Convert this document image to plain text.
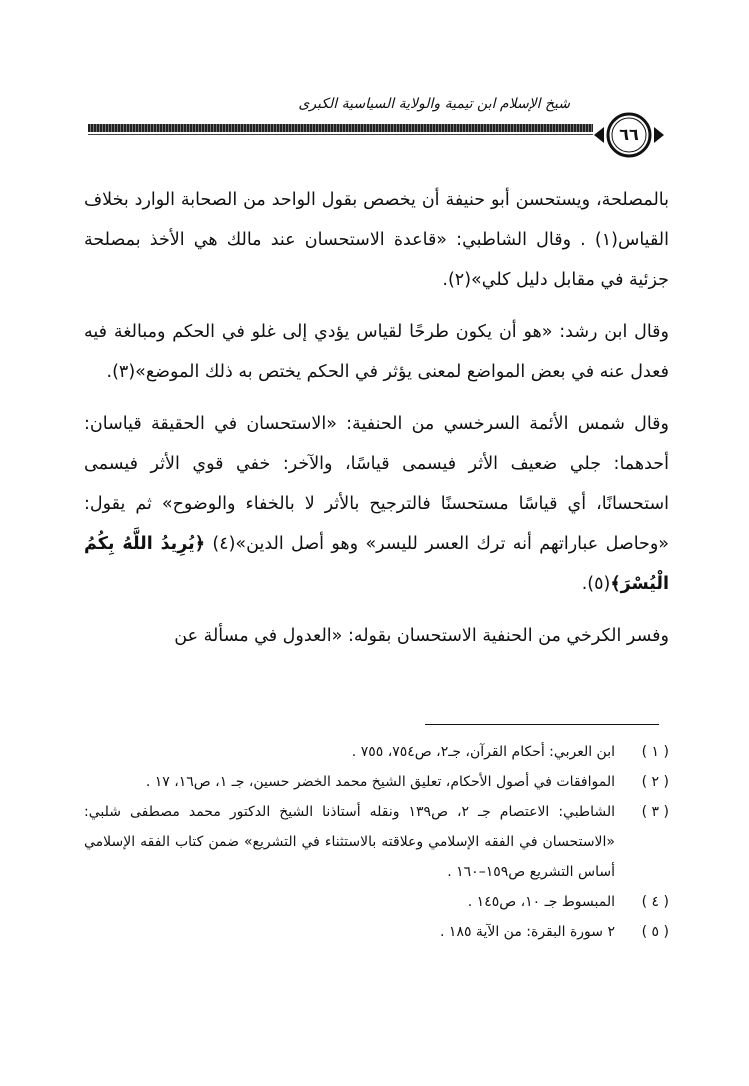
شيخ الإسلام ابن تيمية والولاية السياسية الكبرى
٦٦

بالمصلحة، ويستحسن أبو حنيفة أن يخصص بقول الواحد من الصحابة الوارد بخلاف القياس(١) . وقال الشاطبي: «قاعدة الاستحسان عند مالك هي الأخذ بمصلحة جزئية في مقابل دليل كلي»(٢).

وقال ابن رشد: «هو أن يكون طرحًا لقياس يؤدي إلى غلو في الحكم ومبالغة فيه فعدل عنه في بعض المواضع لمعنى يؤثر في الحكم يختص به ذلك الموضع»(٣).

وقال شمس الأئمة السرخسي من الحنفية: «الاستحسان في الحقيقة قياسان: أحدهما: جلي ضعيف الأثر فيسمى قياسًا، والآخر: خفي قوي الأثر فيسمى استحسانًا، أي قياسًا مستحسنًا فالترجيح بالأثر لا بالخفاء والوضوح» ثم يقول: «وحاصل عباراتهم أنه ترك العسر لليسر» وهو أصل الدين»(٤) ﴿يُرِيدُ اللَّهُ بِكُمُ الْيُسْرَ﴾(٥).

وفسر الكرخي من الحنفية الاستحسان بقوله: «العدول في مسألة عن

( ١ )
ابن العربي: أحكام القرآن، جـ٢، ص٧٥٤، ٧٥٥ .
( ٢ )
الموافقات في أصول الأحكام، تعليق الشيخ محمد الخضر حسين، جـ ١، ص١٦، ١٧ .
( ٣ )
الشاطبي: الاعتصام جـ ٢، ص١٣٩ ونقله أستاذنا الشيخ الدكتور محمد مصطفى شلبي: «الاستحسان في الفقه الإسلامي وعلاقته بالاستثناء في التشريع» ضمن كتاب الفقه الإسلامي أساس التشريع ص١٥٩–١٦٠ .
( ٤ )
المبسوط جـ ١٠، ص١٤٥ .
( ٥ )
٢ سورة البقرة: من الآية ١٨٥ .
